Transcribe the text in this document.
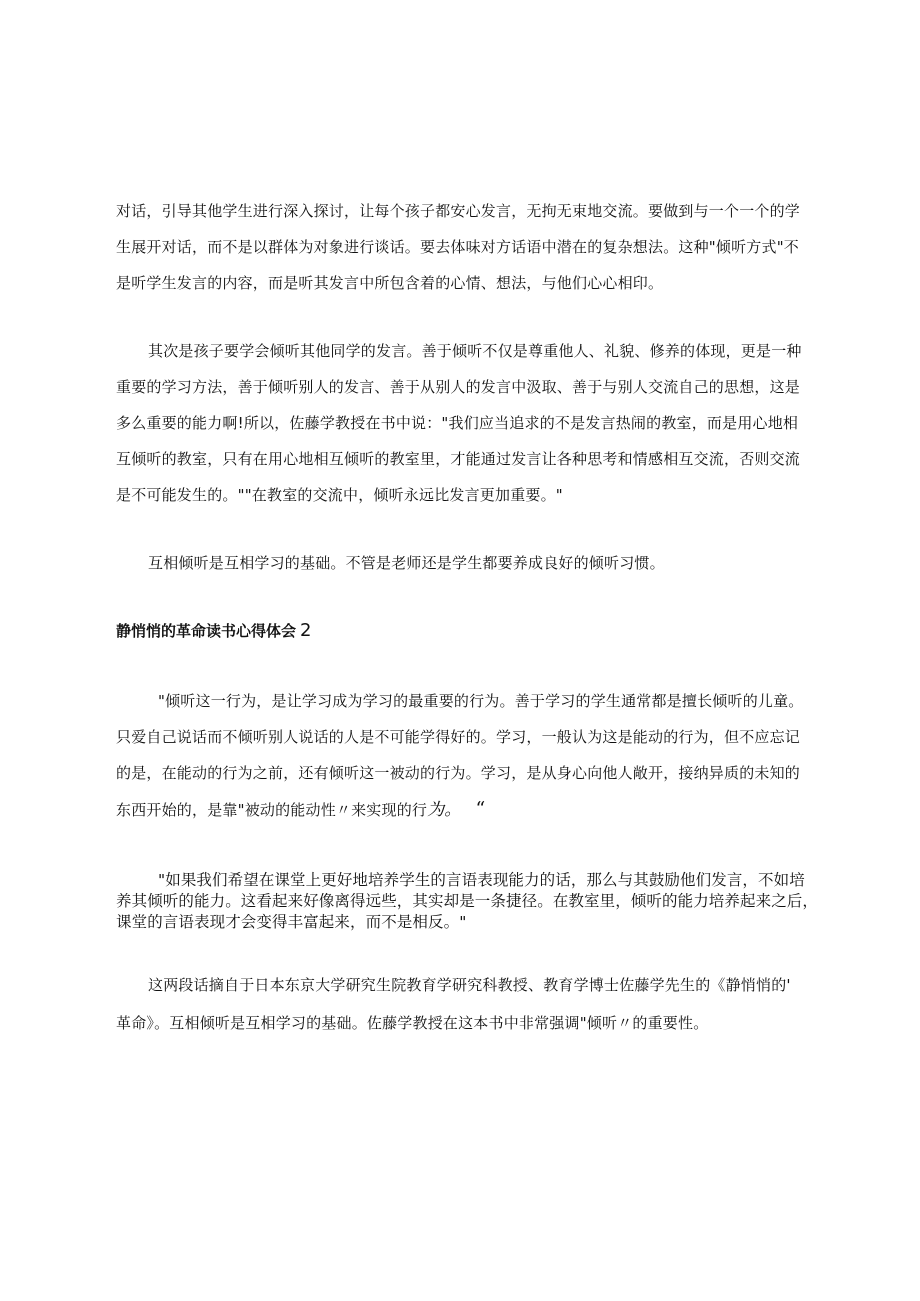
对话，引导其他学生进行深入探讨，让每个孩子都安心发言，无拘无束地交流。要做到与一个一个的学
生展开对话，而不是以群体为对象进行谈话。要去体味对方话语中潜在的复杂想法。这种"倾听方式"不
是听学生发言的内容，而是听其发言中所包含着的心情、想法，与他们心心相印。
其次是孩子要学会倾听其他同学的发言。善于倾听不仅是尊重他人、礼貌、修养的体现，更是一种
重要的学习方法，善于倾听别人的发言、善于从别人的发言中汲取、善于与别人交流自己的思想，这是
多么重要的能力啊!所以，佐藤学教授在书中说："我们应当追求的不是发言热闹的教室，而是用心地相
互倾听的教室，只有在用心地相互倾听的教室里，才能通过发言让各种思考和情感相互交流，否则交流
是不可能发生的。""在教室的交流中，倾听永远比发言更加重要。"
互相倾听是互相学习的基础。不管是老师还是学生都要养成良好的倾听习惯。
静悄悄的革命读书心得体会 2
"倾听这一行为，是让学习成为学习的最重要的行为。善于学习的学生通常都是擅长倾听的儿童。
只爱自己说话而不倾听别人说话的人是不可能学得好的。学习，一般认为这是能动的行为，但不应忘记
的是，在能动的行为之前，还有倾听这一被动的行为。学习，是从身心向他人敞开，接纳异质的未知的
东西开始的，是靠"被动的能动性〃来实现的行为。 “
"如果我们希望在课堂上更好地培养学生的言语表现能力的话，那么与其鼓励他们发言，不如培
养其倾听的能力。这看起来好像离得远些，其实却是一条捷径。在教室里，倾听的能力培养起来之后，
课堂的言语表现才会变得丰富起来，而不是相反。"
这两段话摘自于日本东京大学研究生院教育学研究科教授、教育学博士佐藤学先生的《静悄悄的'
革命》。互相倾听是互相学习的基础。佐藤学教授在这本书中非常强调"倾听〃的重要性。
